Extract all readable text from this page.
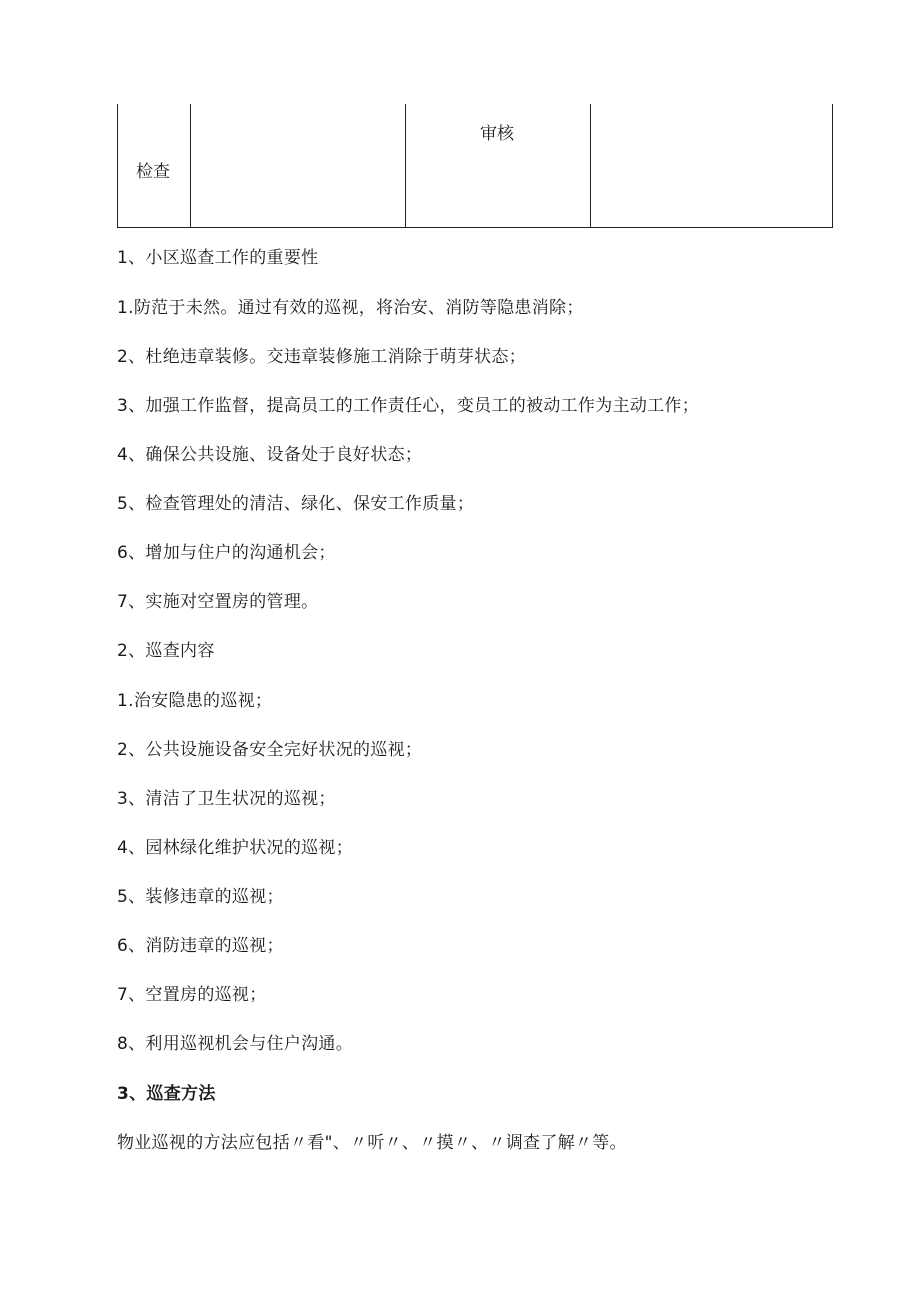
检查
审核
1、小区巡查工作的重要性
1.防范于未然。通过有效的巡视，将治安、消防等隐患消除；
2、杜绝违章装修。交违章装修施工消除于萌芽状态；
3、加强工作监督，提高员工的工作责任心，变员工的被动工作为主动工作；
4、确保公共设施、设备处于良好状态；
5、检查管理处的清洁、绿化、保安工作质量；
6、增加与住户的沟通机会；
7、实施对空置房的管理。
2、巡查内容
1.治安隐患的巡视；
2、公共设施设备安全完好状况的巡视；
3、清洁了卫生状况的巡视；
4、园林绿化维护状况的巡视；
5、装修违章的巡视；
6、消防违章的巡视；
7、空置房的巡视；
8、利用巡视机会与住户沟通。
3、巡查方法
物业巡视的方法应包括〃看"、〃听〃、〃摸〃、〃调查了解〃等。
